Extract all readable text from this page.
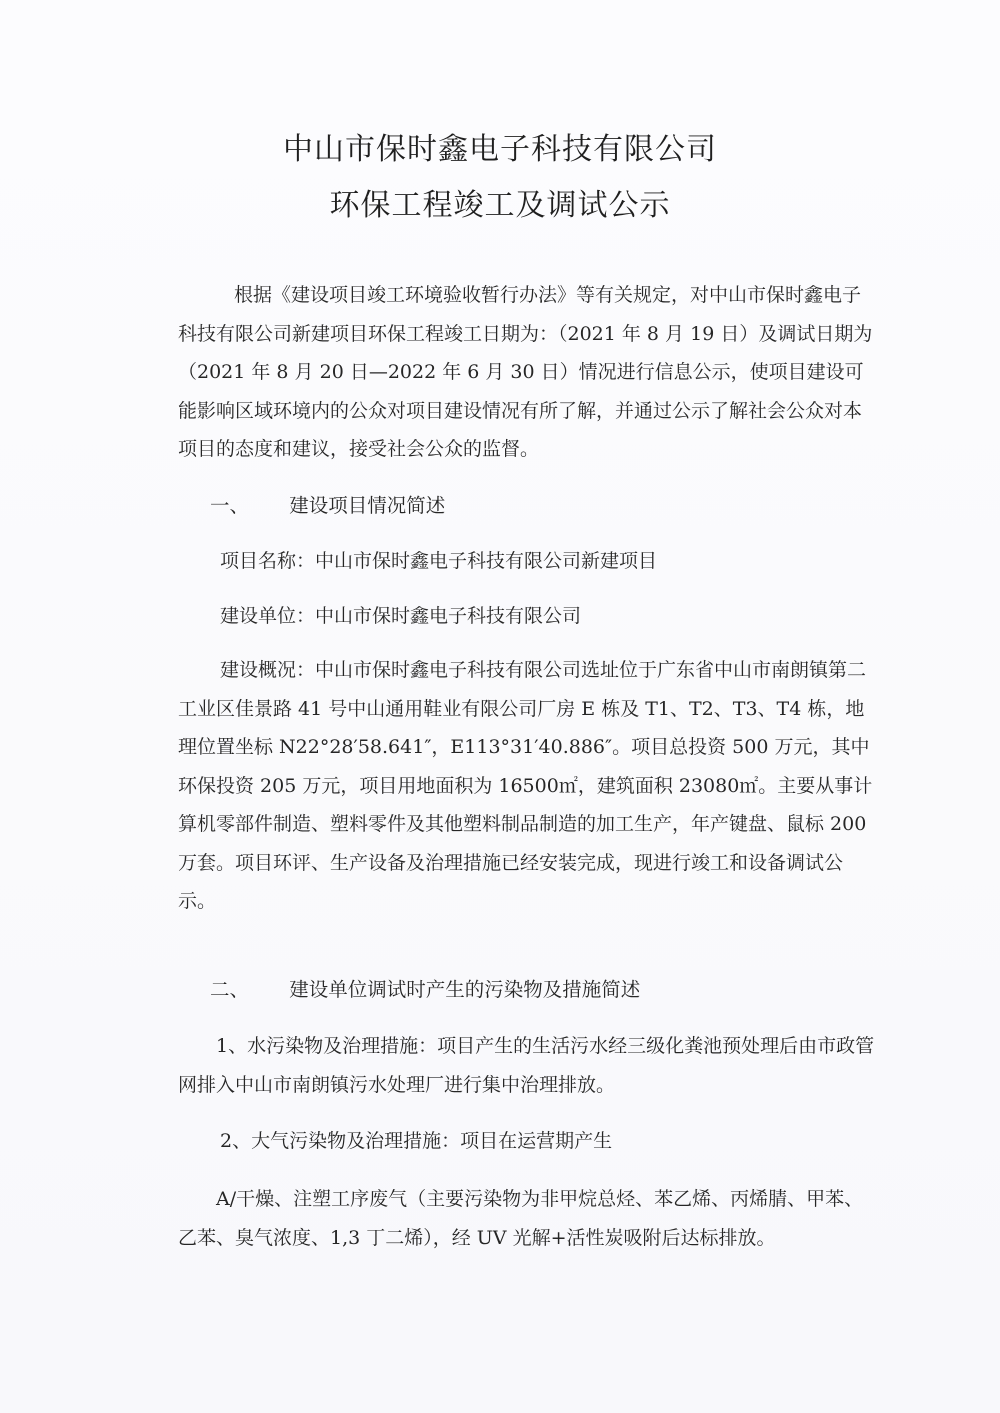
中山市保时鑫电子科技有限公司
环保工程竣工及调试公示

根据《建设项目竣工环境验收暂行办法》等有关规定，对中山市保时鑫电子科技有限公司新建项目环保工程竣工日期为：（2021 年 8 月 19 日）及调试日期为（2021 年 8 月 20 日—2022 年 6 月 30 日）情况进行信息公示，使项目建设可能影响区域环境内的公众对项目建设情况有所了解，并通过公示了解社会公众对本项目的态度和建议，接受社会公众的监督。

一、 建设项目情况简述
项目名称：中山市保时鑫电子科技有限公司新建项目
建设单位：中山市保时鑫电子科技有限公司

建设概况：中山市保时鑫电子科技有限公司选址位于广东省中山市南朗镇第二工业区佳景路 41 号中山通用鞋业有限公司厂房 E 栋及 T1、T2、T3、T4 栋，地理位置坐标 N22°28′58.641″，E113°31′40.886″。项目总投资 500 万元，其中环保投资 205 万元，项目用地面积为 16500㎡，建筑面积 23080㎡。主要从事计算机零部件制造、塑料零件及其他塑料制品制造的加工生产，年产键盘、鼠标 200 万套。项目环评、生产设备及治理措施已经安装完成，现进行竣工和设备调试公示。

二、 建设单位调试时产生的污染物及措施简述

1、水污染物及治理措施：项目产生的生活污水经三级化粪池预处理后由市政管网排入中山市南朗镇污水处理厂进行集中治理排放。

2、大气污染物及治理措施：项目在运营期产生

A/干燥、注塑工序废气（主要污染物为非甲烷总烃、苯乙烯、丙烯腈、甲苯、乙苯、臭气浓度、1,3 丁二烯），经 UV 光解+活性炭吸附后达标排放。
